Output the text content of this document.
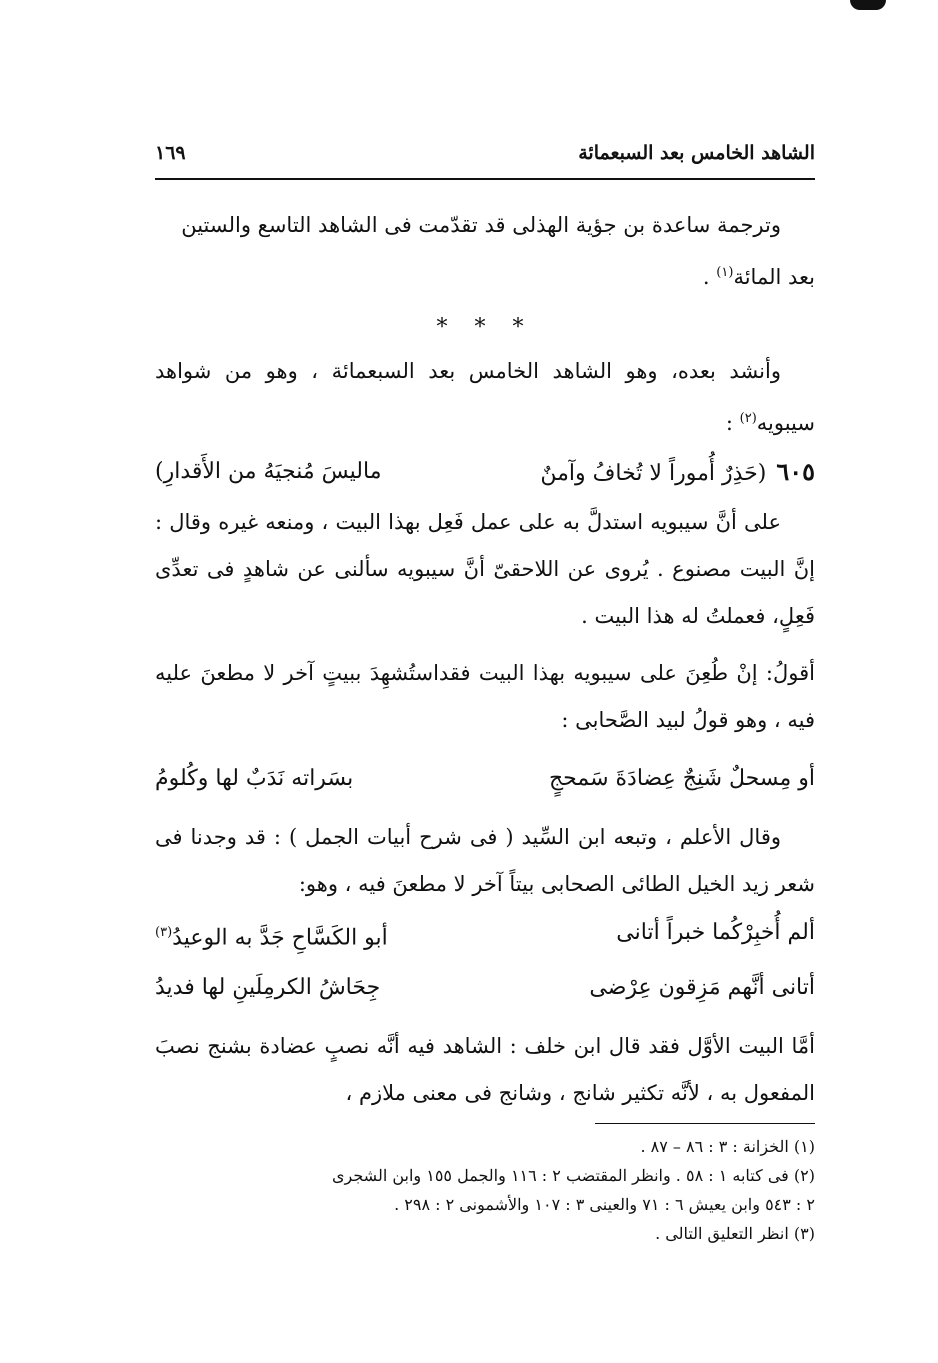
الشاهد الخامس بعد السبعمائة
١٦٩

وترجمة ساعدة بن جؤية الهذلى قد تقدّمت فى الشاهد التاسع والستين
بعد المائة$^{(١)}$ .

* * *

وأنشد بعده، وهو الشاهد الخامس بعد السبعمائة ، وهو من شواهد سيبويه$^{(٢)}$ :

٦٠٥(حَذِرٌ أُموراً لا تُخافُ وآمنٌ
ماليسَ مُنجيَهُ من الأَقدارِ)

على أنَّ سيبويه استدلَّ به على عمل فَعِل بهذا البيت ، ومنعه غيره وقال : إنَّ البيت مصنوع . يُروى عن اللاحقىّ أنَّ سيبويه سألنى عن شاهدٍ فى تعدِّى فَعِلٍ، فعملتُ له هذا البيت .

أقولُ: إنْ طُعِنَ على سيبويه بهذا البيت فقداستُشهِدَ ببيتٍ آخر لا مطعنَ عليه فيه ، وهو قولُ لبيد الصَّحابى :

أو مِسحلٌ شَنِجٌ عِضادَةَ سَمحجٍ
بسَراته نَدَبٌ لها وكُلومُ

وقال الأعلم ، وتبعه ابن السِّيد ( فى شرح أبيات الجمل ) : قد وجدنا فى شعر زيد الخيل الطائى الصحابى بيتاً آخر لا مطعنَ فيه ، وهو:

ألم أُخبِرْكُما خبراً أتانى
أبو الكَسَّاحِ جَدَّ به الوعيدُ$^{(٣)}$
أتانى أنَّهم مَزِقون عِرْضى
جِحَاشُ الكرمِلَينِ لها فديدُ

أمَّا البيت الأوَّل فقد قال ابن خلف : الشاهد فيه أنَّه نصبٍ عضادة بشنج نصبَ المفعول به ، لأنَّه تكثير شانج ، وشانج فى معنى ملازم ،

(١) الخزانة : ٣ : ٨٦ – ٨٧ .

(٢) فى كتابه ١ : ٥٨ . وانظر المقتضب ٢ : ١١٦ والجمل ١٥٥ وابن الشجرى

٢ : ٥٤٣ وابن يعيش ٦ : ٧١ والعينى ٣ : ١٠٧ والأشمونى ٢ : ٢٩٨ .

(٣) انظر التعليق التالى .
